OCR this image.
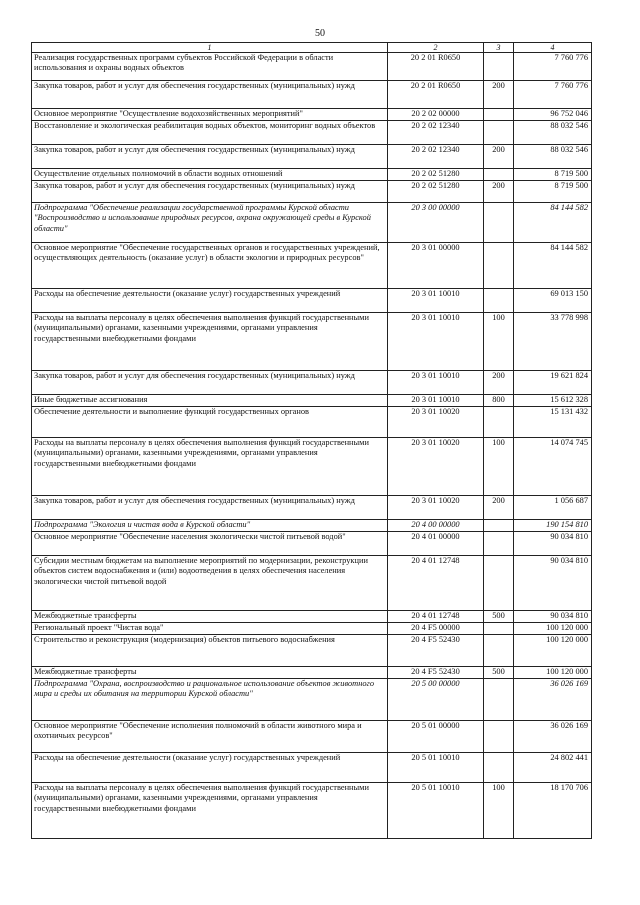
50
1	2	3	4
Реализация государственных программ субъектов Российской Федерации в области использования и охраны водных объектов	20 2 01 R0650		7 760 776
Закупка товаров, работ и услуг для обеспечения государственных (муниципальных) нужд	20 2 01 R0650	200	7 760 776
Основное мероприятие "Осуществление водохозяйственных мероприятий"	20 2 02 00000		96 752 046
Восстановление и экологическая реабилитация водных объектов, мониторинг водных объектов	20 2 02 12340		88 032 546
Закупка товаров, работ и услуг для обеспечения государственных (муниципальных) нужд	20 2 02 12340	200	88 032 546
Осуществление отдельных полномочий в области водных отношений	20 2 02 51280		8 719 500
Закупка товаров, работ и услуг для обеспечения государственных (муниципальных) нужд	20 2 02 51280	200	8 719 500
Подпрограмма "Обеспечение реализации государственной программы Курской области "Воспроизводство и использование природных ресурсов, охрана окружающей среды в Курской области"	20 3 00 00000		84 144 582
Основное мероприятие "Обеспечение государственных органов и государственных учреждений, осуществляющих деятельность (оказание услуг) в области экологии и природных ресурсов"	20 3 01 00000		84 144 582
Расходы на обеспечение деятельности (оказание услуг) государственных учреждений	20 3 01 10010		69 013 150
Расходы на выплаты персоналу в целях обеспечения выполнения функций государственными (муниципальными) органами, казенными учреждениями, органами управления государственными внебюджетными фондами	20 3 01 10010	100	33 778 998
Закупка товаров, работ и услуг для обеспечения государственных (муниципальных) нужд	20 3 01 10010	200	19 621 824
Иные бюджетные ассигнования	20 3 01 10010	800	15 612 328
Обеспечение деятельности и выполнение функций государственных органов	20 3 01 10020		15 131 432
Расходы на выплаты персоналу в целях обеспечения выполнения функций государственными (муниципальными) органами, казенными учреждениями, органами управления государственными внебюджетными фондами	20 3 01 10020	100	14 074 745
Закупка товаров, работ и услуг для обеспечения государственных (муниципальных) нужд	20 3 01 10020	200	1 056 687
Подпрограмма "Экология и чистая вода в Курской области"	20 4 00 00000		190 154 810
Основное мероприятие "Обеспечение населения экологически чистой питьевой водой"	20 4 01 00000		90 034 810
Субсидии местным бюджетам на выполнение мероприятий по модернизации, реконструкции объектов систем водоснабжения и (или) водоотведения в целях обеспечения населения экологически чистой питьевой водой	20 4 01 12748		90 034 810
Межбюджетные трансферты	20 4 01 12748	500	90 034 810
Региональный проект "Чистая вода"	20 4 F5 00000		100 120 000
Строительство и реконструкция (модернизация) объектов питьевого водоснабжения	20 4 F5 52430		100 120 000
Межбюджетные трансферты	20 4 F5 52430	500	100 120 000
Подпрограмма "Охрана, воспроизводство и рациональное использование объектов животного мира и среды их обитания на территории Курской области"	20 5 00 00000		36 026 169
Основное мероприятие "Обеспечение исполнения полномочий в области животного мира и охотничьих ресурсов"	20 5 01 00000		36 026 169
Расходы на обеспечение деятельности (оказание услуг) государственных учреждений	20 5 01 10010		24 802 441
Расходы на выплаты персоналу в целях обеспечения выполнения функций государственными (муниципальными) органами, казенными учреждениями, органами управления государственными внебюджетными фондами	20 5 01 10010	100	18 170 706
